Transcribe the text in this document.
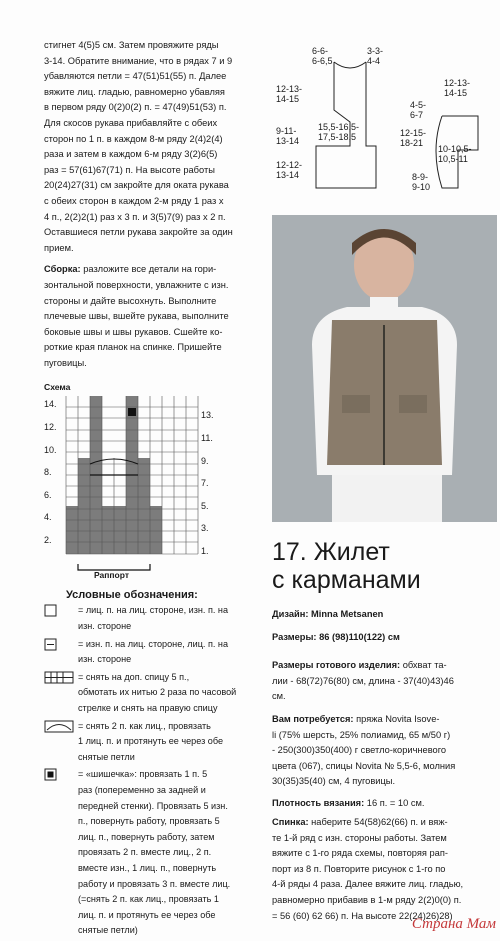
стигнет 4(5)5 см. Затем провяжите ряды

3-14. Обратите внимание, что в рядах 7 и 9

убавляются петли = 47(51)51(55) п. Далее

вяжите лиц. гладью, равномерно убавляя

в первом ряду 0(2)0(2) п. = 47(49)51(53) п.

Для скосов рукава прибавляйте с обеих

сторон по 1 п. в каждом 8-м ряду 2(4)2(4)

раза и затем в каждом 6-м ряду 3(2)6(5)

раз = 57(61)67(71) п. На высоте работы

20(24)27(31) см закройте для оката рукава

с обеих сторон в каждом 2-м ряду 1 раз х

4 п., 2(2)2(1) раз х 3 п. и 3(5)7(9) раз х 2 п.

Оставшиеся петли рукава закройте за один

прием.

Сборка: разложите все детали на гори-

зонтальной поверхности, увлажните с изн.

стороны и дайте высохнуть. Выполните

плечевые швы, вшейте рукава, выполните

боковые швы и швы рукавов. Сшейте ко-

роткие края планок на спинке. Пришейте

пуговицы.

Схема
14.
12.
10.
8.
6.
4.
2.
13.
11.
9.
7.
5.
3.
1.
Раппорт
Условные обозначения:
= лиц. п. на лиц. стороне, изн. п. на
изн. стороне
= изн. п. на лиц. стороне, лиц. п. на
изн. стороне
= снять на доп. спицу 5 п.,
обмотать их нитью 2 раза по часовой
стрелке и снять на правую спицу
= снять 2 п. как лиц., провязать
1 лиц. п. и протянуть ее через обе
снятые петли
= «шишечка»: провязать 1 п. 5
раз (попеременно за задней и
передней стенки). Провязать 5 изн.
п., повернуть работу, провязать 5
лиц. п., повернуть работу, затем
провязать 2 п. вместе лиц., 2 п.
вместе изн., 1 лиц. п., повернуть
работу и провязать 3 п. вместе лиц.
(=снять 2 п. как лиц., провязать 1
лиц. п. и протянуть ее через обе
снятые петли)
6-6-
6-6,5
3-3-
4-4
12-13-
14-15
15,5-16,5-
17,5-18,5
9-11-
13-14
12-12-
13-14
12-13-
14-15
4-5-
6-7
12-15-
18-21
10-10,5-
10,5-11
8-9-
9-10
17. Жилет
с карманами

Дизайн: Minna Metsanen

Размеры: 86 (98)110(122) см

Размеры готового изделия: обхват та-

лии - 68(72)76(80) см, длина - 37(40)43)46

см.

Вам потребуется: пряжа Novita Isove-

li (75% шерсть, 25% полиамид, 65 м/50 г)

- 250(300)350(400) г светло-коричневого

цвета (067), спицы Novita № 5,5-6, молния

30(35)35(40) см, 4 пуговицы.

Плотность вязания: 16 п. = 10 см.

Спинка: наберите 54(58)62(66) п. и вяж-

те 1-й ряд с изн. стороны работы. Затем

вяжите с 1-го ряда схемы, повторяя рап-

порт из 8 п. Повторите рисунок с 1-го по

4-й ряды 4 раза. Далее вяжите лиц. гладью,

равномерно прибавив в 1-м ряду 2(2)0(0) п.

= 56 (60) 62 66) п. На высоте 22(24)26)28)

Страна Мам
